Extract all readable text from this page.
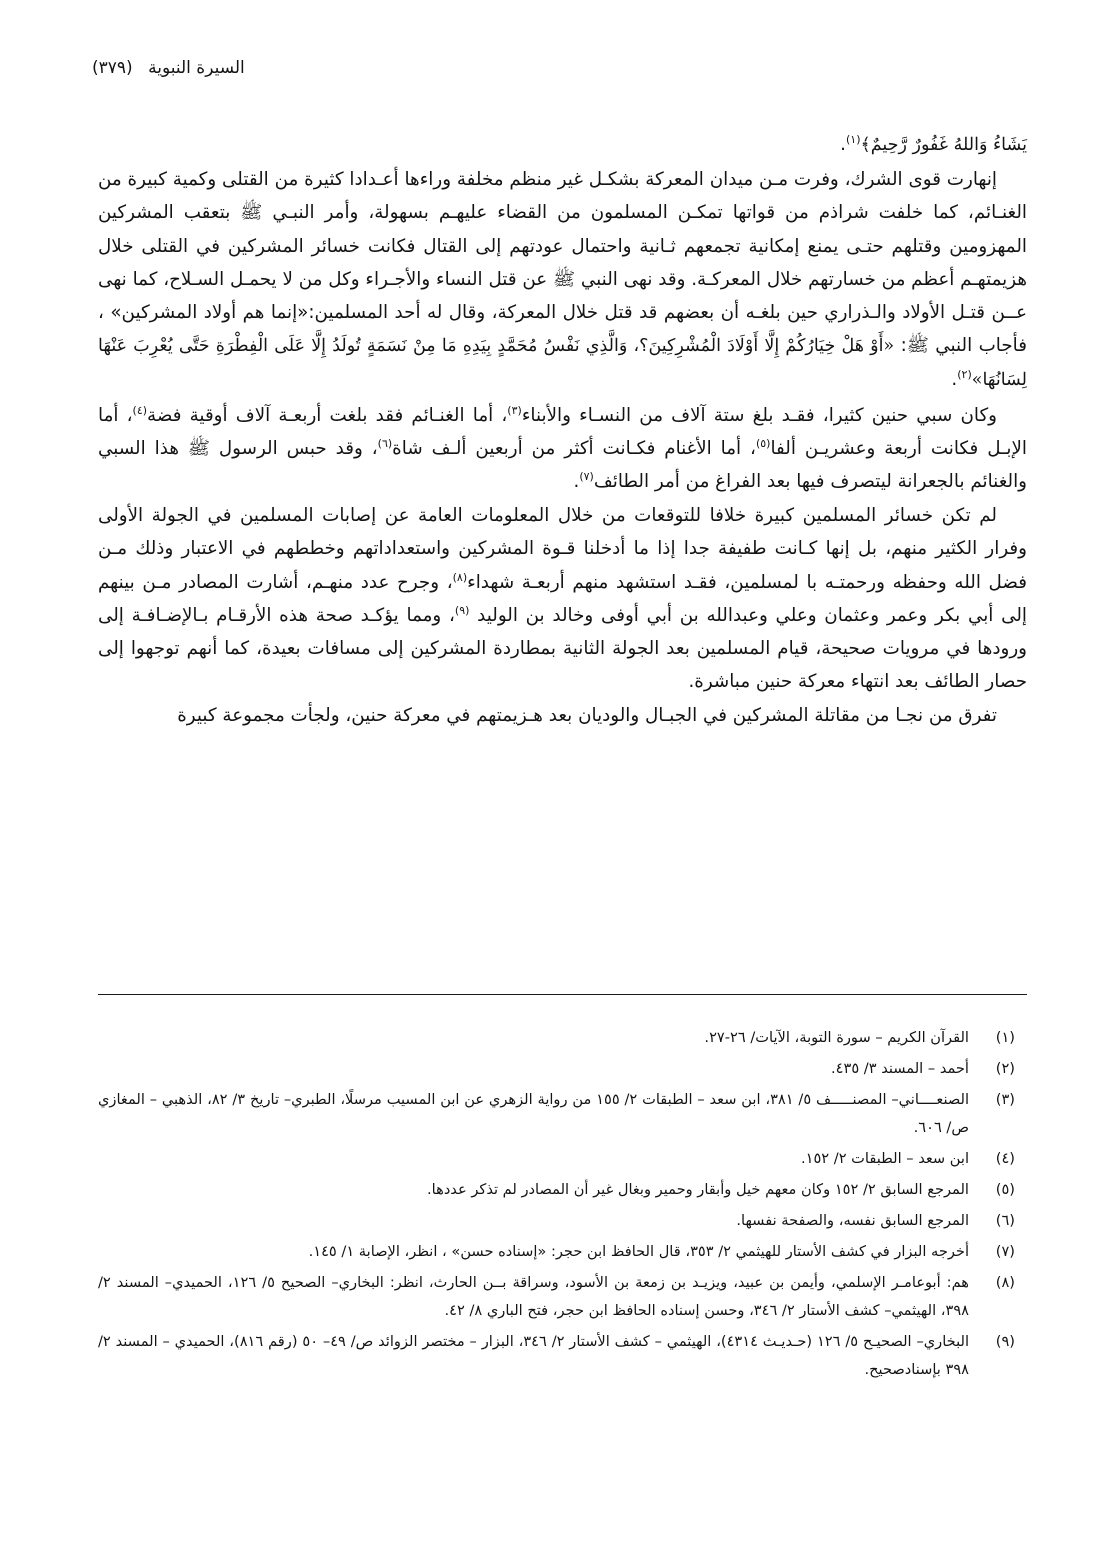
السيرة النبوية (٣٧٩)

يَشَاءُ وَاللهُ غَفُورٌ رَّحِيمٌ﴾$^{(١)}$.

إنهارت قوى الشرك، وفرت مـن ميدان المعركة بشكـل غير منظم مخلفة وراءها أعـدادا كثيرة من القتلى وكمية كبيرة من الغنـائم، كما خلفت شراذم من قواتها تمكـن المسلمون من القضاء عليهـم بسهولة، وأمر النبـي ﷺ بتعقب المشركين المهزومين وقتلهم حتـى يمنع إمكانية تجمعهم ثـانية واحتمال عودتهم إلى القتال فكانت خسائر المشركين في القتلى خلال هزيمتهـم أعظم من خسارتهم خلال المعركـة. وقد نهى النبي ﷺ عن قتل النساء والأجـراء وكل من لا يحمـل السـلاح، كما نهى عــن قتـل الأولاد والـذراري حين بلغـه أن بعضهم قد قتل خلال المعركة، وقال له أحد المسلمين:«إنما هم أولاد المشركين» ، فأجاب النبي ﷺ: «أَوْ هَلْ خِيَارُكُمْ إِلَّا أَوْلَادَ الْمُشْرِكِينَ؟، وَالَّذِي نَفْسُ مُحَمَّدٍ بِيَدِهِ مَا مِنْ نَسَمَةٍ تُولَدُ إِلَّا عَلَى الْفِطْرَةِ حَتَّى يُعْرِبَ عَنْهَا لِسَانُهَا»$^{(٢)}$.

وكان سبي حنين كثيرا، فقـد بلغ ستة آلاف من النسـاء والأبناء$^{(٣)}$، أما الغنـائم فقد بلغت أربعـة آلاف أوقية فضة$^{(٤)}$، أما الإبـل فكانت أربعة وعشريـن ألفا$^{(٥)}$، أما الأغنام فكـانت أكثر من أربعين ألـف شاة$^{(٦)}$، وقد حبس الرسول ﷺ هذا السبي والغنائم بالجعرانة ليتصرف فيها بعد الفراغ من أمر الطائف$^{(٧)}$.

لم تكن خسائر المسلمين كبيرة خلافا للتوقعات من خلال المعلومات العامة عن إصابات المسلمين في الجولة الأولى وفرار الكثير منهم، بل إنها كـانت طفيفة جدا إذا ما أدخلنا قـوة المشركين واستعداداتهم وخططهم في الاعتبار وذلك مـن فضل الله وحفظه ورحمتـه با لمسلمين، فقـد استشهد منهم أربعـة شهداء$^{(٨)}$، وجرح عدد منهـم، أشارت المصادر مـن بينهم إلى أبي بكر وعمر وعثمان وعلي وعبدالله بن أبي أوفى وخالد بن الوليد $^{(٩)}$، ومما يؤكـد صحة هذه الأرقـام بـالإضـافـة إلى ورودها في مرويات صحيحة، قيام المسلمين بعد الجولة الثانية بمطاردة المشركين إلى مسافات بعيدة، كما أنهم توجهوا إلى حصار الطائف بعد انتهاء معركة حنين مباشرة.

تفرق من نجـا من مقاتلة المشركين في الجبـال والوديان بعد هـزيمتهم في معركة حنين، ولجأت مجموعة كبيرة

(١)
القرآن الكريم – سورة التوبة، الآيات/ ٢٦-٢٧.
(٢)
أحمد – المسند ٣/ ٤٣٥.
(٣)
الصنعــــاني– المصنـــــف ٥/ ٣٨١، ابن سعد – الطبقات ٢/ ١٥٥ من رواية الزهري عن ابن المسيب مرسلًا، الطبري– تاريخ ٣/ ٨٢، الذهبي – المغازي ص/ ٦٠٦.
(٤)
ابن سعد – الطبقات ٢/ ١٥٢.
(٥)
المرجع السابق ٢/ ١٥٢ وكان معهم خيل وأبقار وحمير وبغال غير أن المصادر لم تذكر عددها.
(٦)
المرجع السابق نفسه، والصفحة نفسها.
(٧)
أخرجه البزار في كشف الأستار للهيثمي ٢/ ٣٥٣، قال الحافظ ابن حجر: «إسناده حسن» ، انظر، الإصابة ١/ ١٤٥.
(٨)
هم: أبوعامـر الإسلمي، وأيمن بن عبيد، ويزيـد بن زمعة بن الأسود، وسراقة بــن الحارث، انظر: البخاري– الصحيح ٥/ ١٢٦، الحميدي– المسند ٢/ ٣٩٨، الهيثمي– كشف الأستار ٢/ ٣٤٦، وحسن إسناده الحافظ ابن حجر، فتح الباري ٨/ ٤٢.
(٩)
البخاري– الصحيـح ٥/ ١٢٦ (حـديـث ٤٣١٤)، الهيثمي – كشف الأستار ٢/ ٣٤٦، البزار – مختصر الزوائد ص/ ٤٩– ٥٠ (رقم ٨١٦)، الحميدي – المسند ٢/ ٣٩٨ بإسنادصحيح.
